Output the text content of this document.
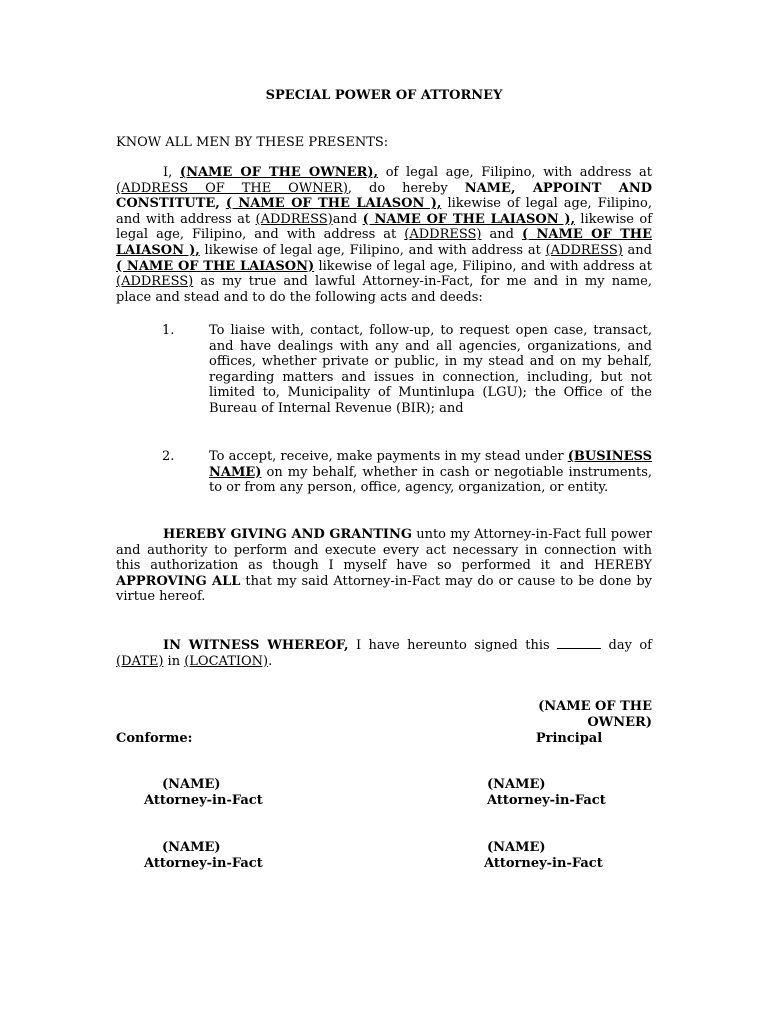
SPECIAL POWER OF ATTORNEY
KNOW ALL MEN BY THESE PRESENTS:
I, (NAME OF THE OWNER), of legal age, Filipino, with address at (ADDRESS OF THE OWNER), do hereby NAME, APPOINT AND CONSTITUTE, ( NAME OF THE LAIASON ), likewise of legal age, Filipino, and with address at (ADDRESS)and ( NAME OF THE LAIASON ), likewise of legal age, Filipino, and with address at (ADDRESS) and ( NAME OF THE LAIASON ), likewise of legal age, Filipino, and with address at (ADDRESS) and ( NAME OF THE LAIASON) likewise of legal age, Filipino, and with address at (ADDRESS) as my true and lawful Attorney-in-Fact, for me and in my name, place and stead and to do the following acts and deeds:
1.	To liaise with, contact, follow-up, to request open case, transact, and have dealings with any and all agencies, organizations, and offices, whether private or public, in my stead and on my behalf, regarding matters and issues in connection, including, but not limited to, Municipality of Muntinlupa (LGU); the Office of the Bureau of Internal Revenue (BIR); and
2.	To accept, receive, make payments in my stead under (BUSINESS NAME) on my behalf, whether in cash or negotiable instruments, to or from any person, office, agency, organization, or entity.
HEREBY GIVING AND GRANTING unto my Attorney-in-Fact full power and authority to perform and execute every act necessary in connection with this authorization as though I myself have so performed it and HEREBY APPROVING ALL that my said Attorney-in-Fact may do or cause to be done by virtue hereof.
IN WITNESS WHEREOF, I have hereunto signed this	day of (DATE) in (LOCATION).
(NAME OF THE OWNER)
Principal
Conforme:
(NAME)
Attorney-in-Fact
(NAME)
Attorney-in-Fact
(NAME)
Attorney-in-Fact
(NAME)
Attorney-in-Fact
